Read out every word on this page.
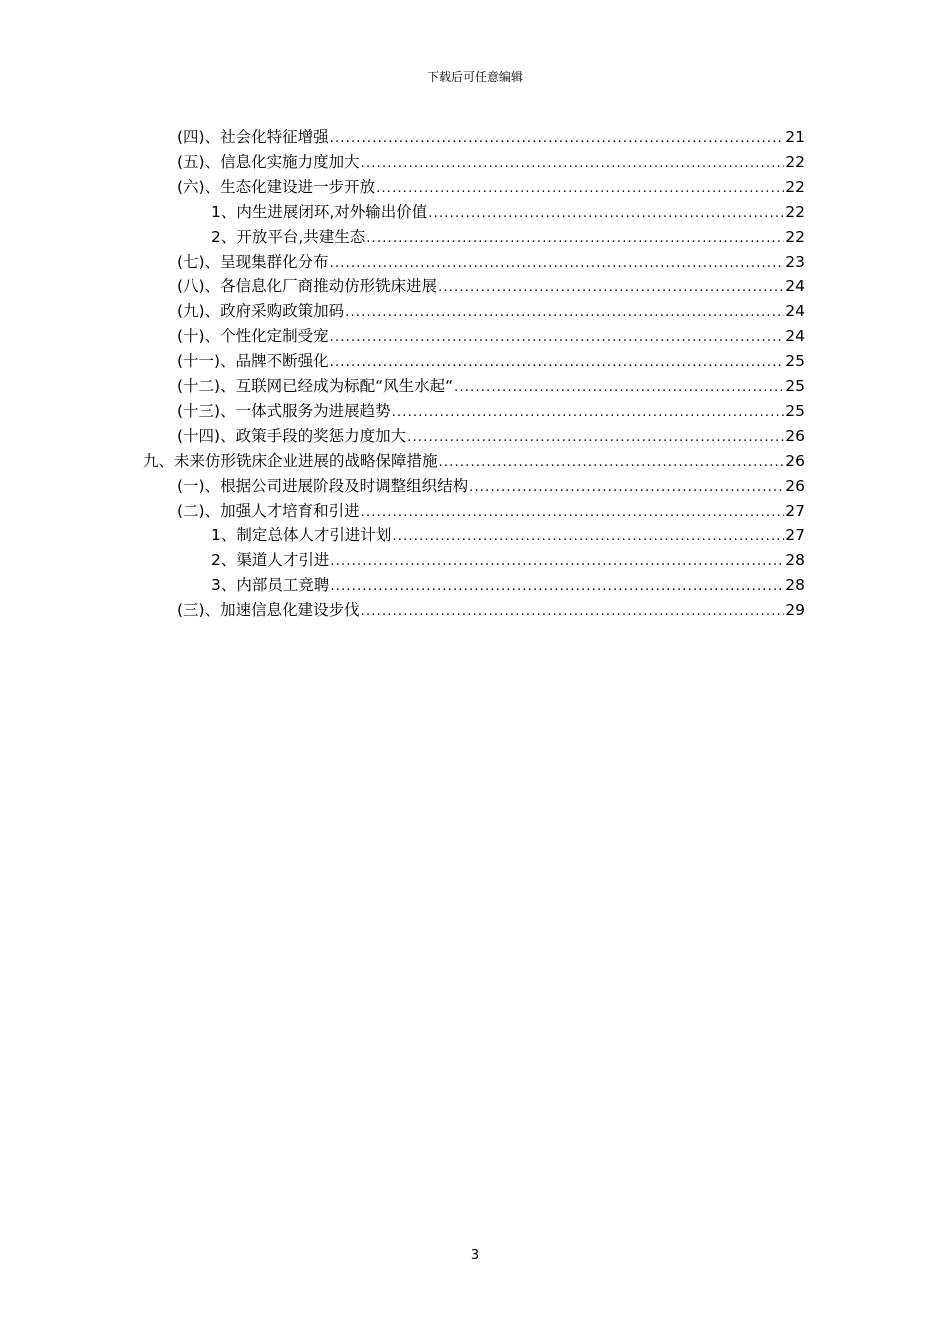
下载后可任意编辑
(四)、社会化特征增强 .....	21
(五)、信息化实施力度加大 .....	22
(六)、生态化建设进一步开放 .....	22
1、内生进展闭环,对外输出价值 .....	22
2、开放平台,共建生态 .....	22
(七)、呈现集群化分布 .....	23
(八)、各信息化厂商推动仿形铣床进展 .....	24
(九)、政府采购政策加码 .....	24
(十)、个性化定制受宠 .....	24
(十一)、品牌不断强化 .....	25
(十二)、互联网已经成为标配“风生水起“ .....	25
(十三)、一体式服务为进展趋势 .....	25
(十四)、政策手段的奖惩力度加大 .....	26
九、未来仿形铣床企业进展的战略保障措施 .....	26
(一)、根据公司进展阶段及时调整组织结构 .....	26
(二)、加强人才培育和引进 .....	27
1、制定总体人才引进计划 .....	27
2、渠道人才引进 .....	28
3、内部员工竞聘 .....	28
(三)、加速信息化建设步伐 .....	29
3
